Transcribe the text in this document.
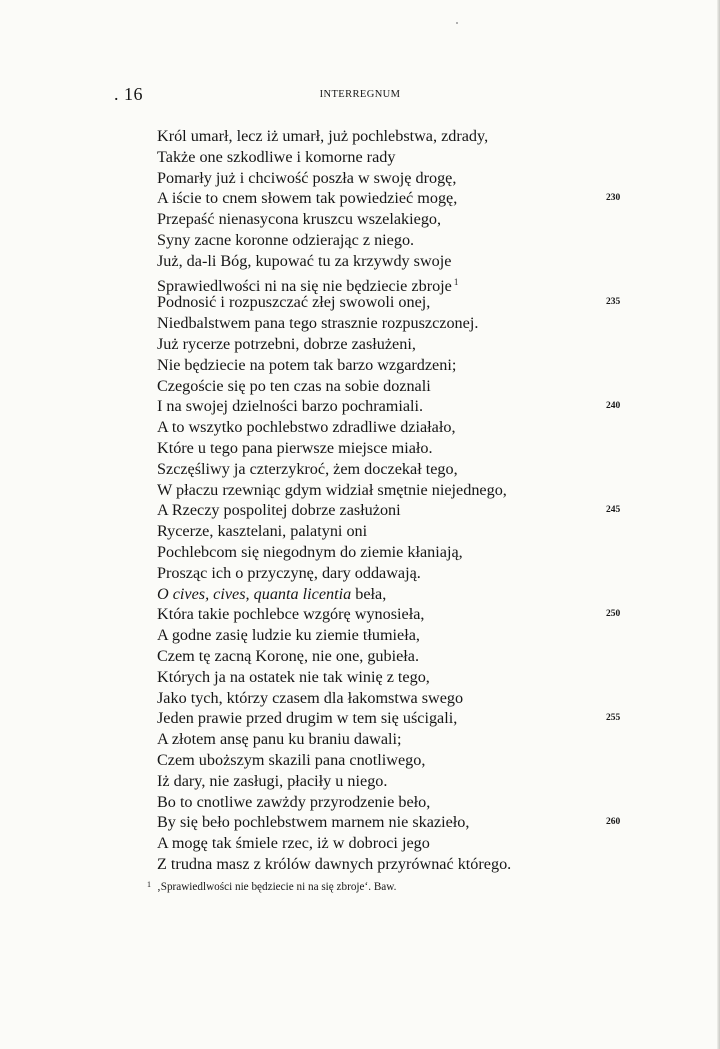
. 16	INTERREGNUM
Król umarł, lecz iż umarł, już pochlebstwa, zdrady,
Także one szkodliwe i komorne rady
Pomarły już i chciwość poszła w swoję drogę,
A iście to cnem słowem tak powiedzieć mogę,	230
Przepaść nienasycona kruszcu wszelakiego,
Syny zacne koronne odzierając z niego.
Już, da-li Bóg, kupować tu za krzywdy swoje
Sprawiedlwości ni na się nie będziecie zbroje $^1$
Podnosić i rozpuszczać złej swowoli onej,	235
Niedbalstwem pana tego strasznie rozpuszczonej.
Już rycerze potrzebni, dobrze zasłużeni,
Nie będziecie na potem tak barzo wzgardzeni;
Czegoście się po ten czas na sobie doznali
I na swojej dzielności barzo pochramiali.	240
A to wszytko pochlebstwo zdradliwe działało,
Które u tego pana pierwsze miejsce miało.
Szczęśliwy ja czterzykroć, żem doczekał tego,
W płaczu rzewniąc gdym widział smętnie niejednego,
A Rzeczy pospolitej dobrze zasłużoni	245
Rycerze, kasztelani, palatyni oni
Pochlebcom się niegodnym do ziemie kłaniają,
Prosząc ich o przyczynę, dary oddawają.
O cives, cives, quanta licentia beła,
Która takie pochlebce wzgórę wynosieła,	250
A godne zasię ludzie ku ziemie tłumieła,
Czem tę zacną Koronę, nie one, gubieła.
Których ja na ostatek nie tak winię z tego,
Jako tych, którzy czasem dla łakomstwa swego
Jeden prawie przed drugim w tem się uścigali,	255
A złotem ansę panu ku braniu dawali;
Czem uboższym skazili pana cnotliwego,
Iż dary, nie zasługi, płaciły u niego.
Bo to cnotliwe zawżdy przyrodzenie beło,
By się beło pochlebstwem marnem nie skazieło,	260
A mogę tak śmiele rzec, iż w dobroci jego
Z trudna masz z królów dawnych przyrównać którego.
$^1$ ‚Sprawiedlwości nie będziecie ni na się zbroje‘. Baw.
